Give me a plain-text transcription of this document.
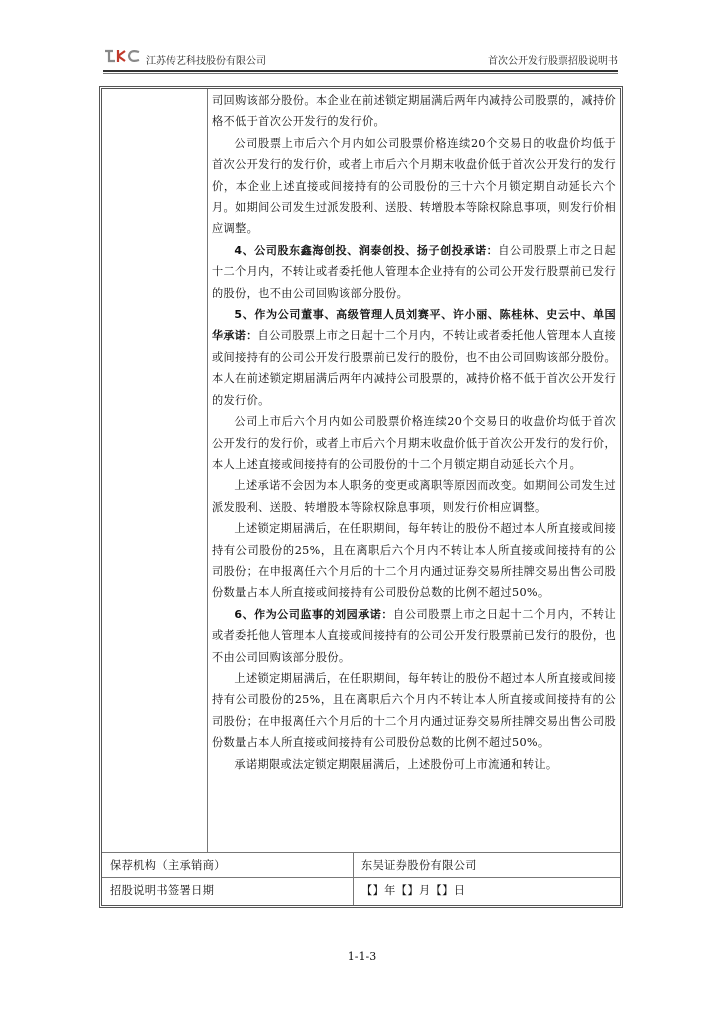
江苏传艺科技股份有限公司	首次公开发行股票招股说明书

司回购该部分股份。本企业在前述锁定期届满后两年内减持公司股票的，减持价格不低于首次公开发行的发行价。

公司股票上市后六个月内如公司股票价格连续20个交易日的收盘价均低于首次公开发行的发行价，或者上市后六个月期末收盘价低于首次公开发行的发行价，本企业上述直接或间接持有的公司股份的三十六个月锁定期自动延长六个月。如期间公司发生过派发股利、送股、转增股本等除权除息事项，则发行价相应调整。

4、公司股东鑫海创投、润泰创投、扬子创投承诺：自公司股票上市之日起十二个月内，不转让或者委托他人管理本企业持有的公司公开发行股票前已发行的股份，也不由公司回购该部分股份。

5、作为公司董事、高级管理人员刘赛平、许小丽、陈桂林、史云中、单国华承诺：自公司股票上市之日起十二个月内，不转让或者委托他人管理本人直接或间接持有的公司公开发行股票前已发行的股份，也不由公司回购该部分股份。本人在前述锁定期届满后两年内减持公司股票的，减持价格不低于首次公开发行的发行价。

公司上市后六个月内如公司股票价格连续20个交易日的收盘价均低于首次公开发行的发行价，或者上市后六个月期末收盘价低于首次公开发行的发行价，本人上述直接或间接持有的公司股份的十二个月锁定期自动延长六个月。

上述承诺不会因为本人职务的变更或离职等原因而改变。如期间公司发生过派发股利、送股、转增股本等除权除息事项，则发行价相应调整。

上述锁定期届满后，在任职期间，每年转让的股份不超过本人所直接或间接持有公司股份的25%，且在离职后六个月内不转让本人所直接或间接持有的公司股份；在申报离任六个月后的十二个月内通过证券交易所挂牌交易出售公司股份数量占本人所直接或间接持有公司股份总数的比例不超过50%。

6、作为公司监事的刘园承诺：自公司股票上市之日起十二个月内，不转让或者委托他人管理本人直接或间接持有的公司公开发行股票前已发行的股份，也不由公司回购该部分股份。

上述锁定期届满后，在任职期间，每年转让的股份不超过本人所直接或间接持有公司股份的25%，且在离职后六个月内不转让本人所直接或间接持有的公司股份；在申报离任六个月后的十二个月内通过证券交易所挂牌交易出售公司股份数量占本人所直接或间接持有公司股份总数的比例不超过50%。

承诺期限或法定锁定期限届满后，上述股份可上市流通和转让。

保荐机构（主承销商）	东吴证券股份有限公司
招股说明书签署日期	【】年【】月【】日
1-1-3
